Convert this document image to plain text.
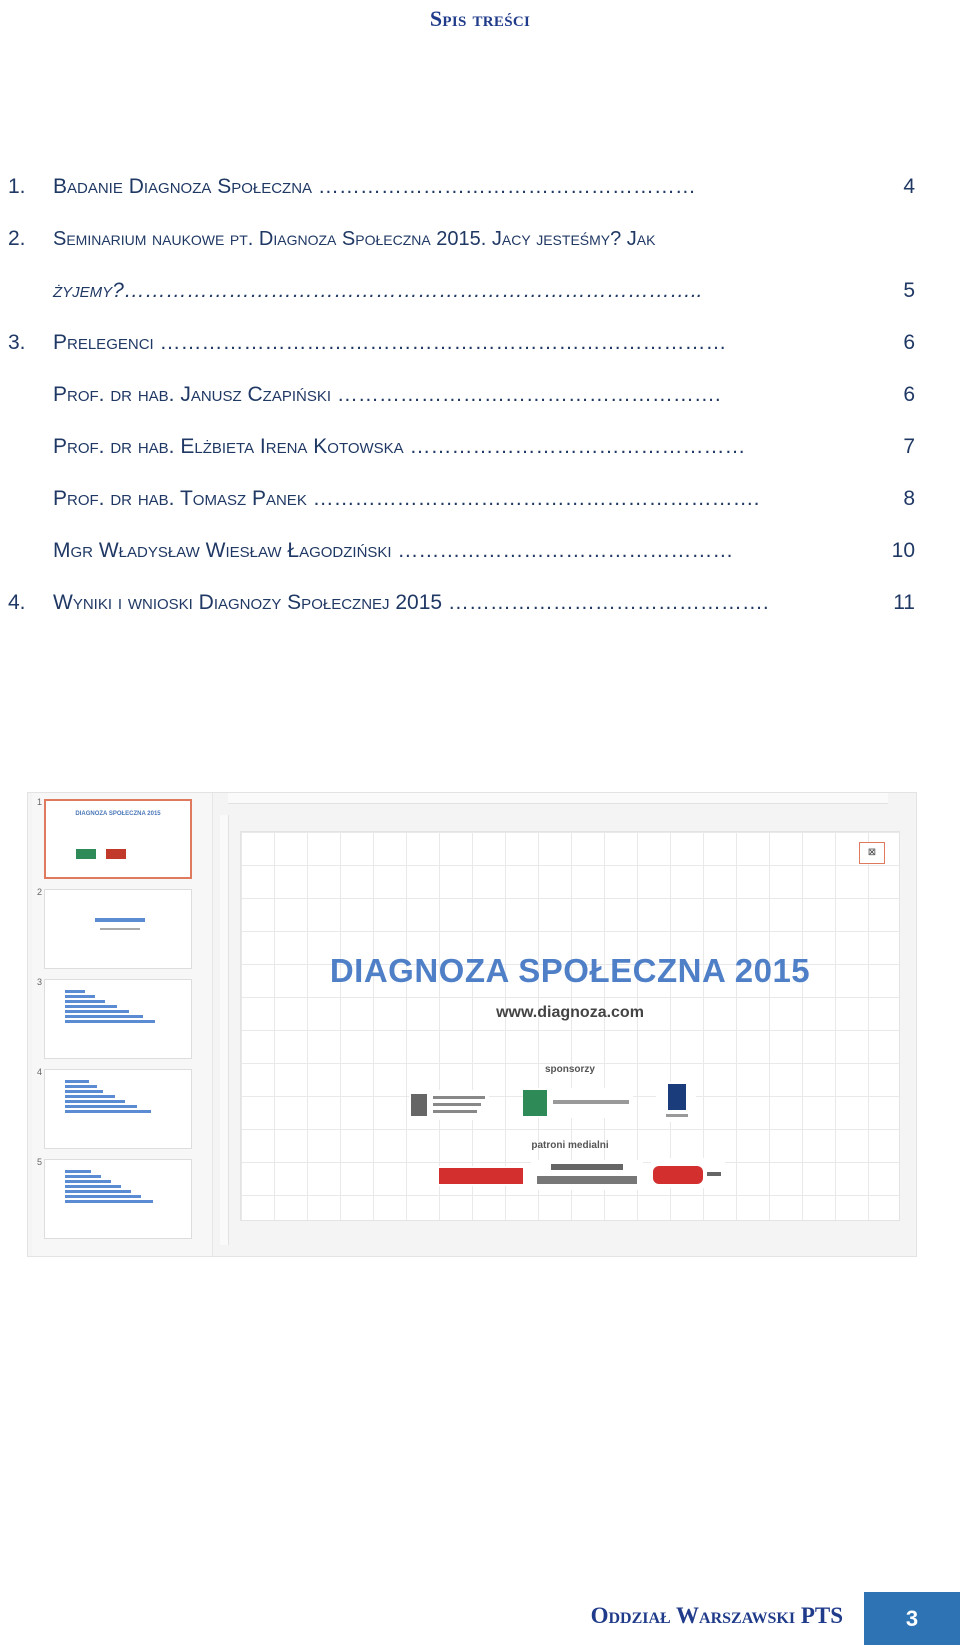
Spis treści
1. Badanie Diagnoza Społeczna ………………………………………………	4
2. Seminarium naukowe pt. Diagnoza Społeczna 2015. Jacy jesteśmy? Jak
żyjemy?………………………………………………………………………..	5
3. Prelegenci ………………………………………………………………………	6
Prof. dr hab. Janusz Czapiński ……………………………………………….	6
Prof. dr hab. Elżbieta Irena Kotowska …………………………………………	7
Prof. dr hab. Tomasz Panek ……………………………………………………….	8
Mgr Władysław Wiesław Łagodziński …………………………………………	10
4. Wyniki i wnioski Diagnozy Społecznej 2015 ……………………………………….	11
1
DIAGNOZA SPOŁECZNA 2015
2
3
4
5
⊠
DIAGNOZA SPOŁECZNA 2015
www.diagnoza.com
sponsorzy
patroni medialni
Oddział Warszawski PTS	3
